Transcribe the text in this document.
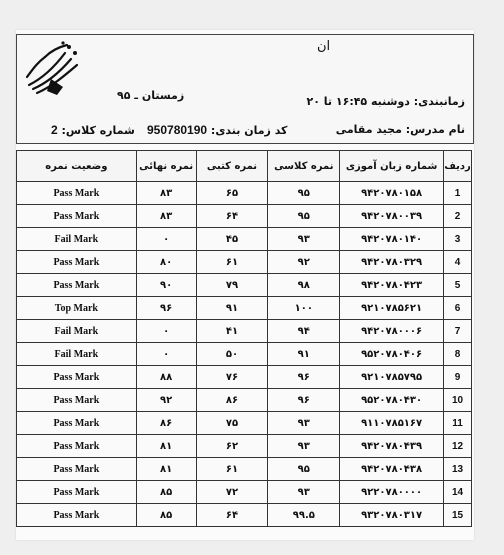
ان
زمانبندی: دوشنبه ۱۶:۴۵ تا ۲۰
زمستان ـ ۹۵
نام مدرس: مجید مقامی
کد زمان بندی: 950780190
شماره کلاس: 2
ردیف	شماره زبان آموزی	نمره کلاسی	نمره کتبی	نمره نهائی	وضعیت نمره
1	۹۴۲۰۷۸۰۱۵۸	۹۵	۶۵	۸۳	Pass Mark
2	۹۴۲۰۷۸۰۰۳۹	۹۵	۶۴	۸۳	Pass Mark
3	۹۴۲۰۷۸۰۱۴۰	۹۳	۴۵	۰	Fail Mark
4	۹۴۲۰۷۸۰۳۲۹	۹۲	۶۱	۸۰	Pass Mark
5	۹۴۲۰۷۸۰۴۲۳	۹۸	۷۹	۹۰	Pass Mark
6	۹۲۱۰۷۸۵۶۲۱	۱۰۰	۹۱	۹۶	Top Mark
7	۹۴۲۰۷۸۰۰۰۶	۹۴	۴۱	۰	Fail Mark
8	۹۵۲۰۷۸۰۴۰۶	۹۱	۵۰	۰	Fail Mark
9	۹۲۱۰۷۸۵۷۹۵	۹۶	۷۶	۸۸	Pass Mark
10	۹۵۲۰۷۸۰۴۳۰	۹۶	۸۶	۹۲	Pass Mark
11	۹۱۱۰۷۸۵۱۶۷	۹۳	۷۵	۸۶	Pass Mark
12	۹۴۲۰۷۸۰۴۳۹	۹۳	۶۲	۸۱	Pass Mark
13	۹۴۲۰۷۸۰۴۳۸	۹۵	۶۱	۸۱	Pass Mark
14	۹۲۲۰۷۸۰۰۰۰	۹۳	۷۲	۸۵	Pass Mark
15	۹۳۲۰۷۸۰۳۱۷	۹۹.۵	۶۴	۸۵	Pass Mark
